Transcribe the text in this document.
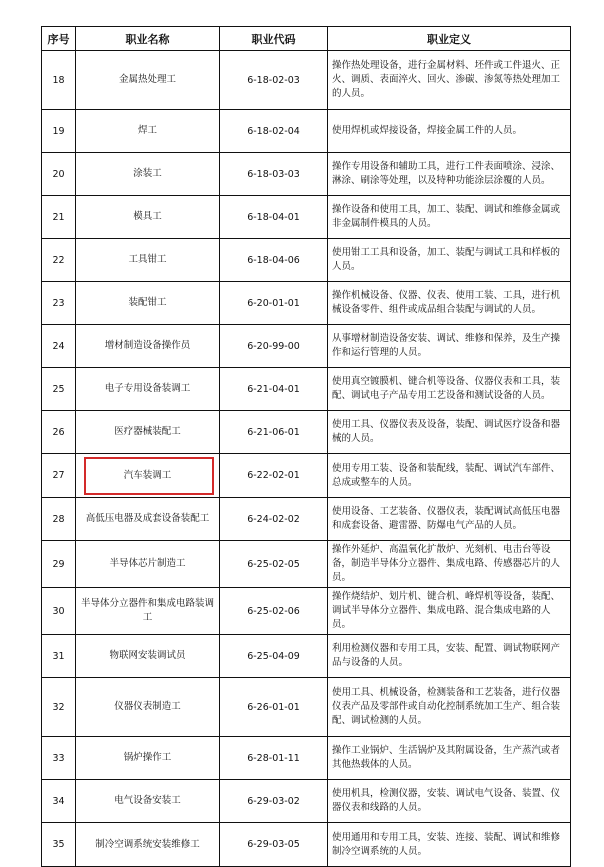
序号	职业名称	职业代码	职业定义
18	金属热处理工	6-18-02-03	操作热处理设备，进行金属材料、坯件或工件退火、正火、调质、表面淬火、回火、渗碳、渗氮等热处理加工的人员。
19	焊工	6-18-02-04	使用焊机或焊接设备，焊接金属工件的人员。
20	涂装工	6-18-03-03	操作专用设备和辅助工具，进行工件表面喷涂、浸涂、淋涂、刷涂等处理，以及特种功能涂层涂覆的人员。
21	模具工	6-18-04-01	操作设备和使用工具，加工、装配、调试和维修金属或非金属制件模具的人员。
22	工具钳工	6-18-04-06	使用钳工工具和设备，加工、装配与调试工具和样板的人员。
23	装配钳工	6-20-01-01	操作机械设备、仪器、仪表、使用工装、工具，进行机械设备零件、组件或成品组合装配与调试的人员。
24	增材制造设备操作员	6-20-99-00	从事增材制造设备安装、调试、维修和保养，及生产操作和运行管理的人员。
25	电子专用设备装调工	6-21-04-01	使用真空镀膜机、键合机等设备、仪器仪表和工具，装配、调试电子产品专用工艺设备和测试设备的人员。
26	医疗器械装配工	6-21-06-01	使用工具、仪器仪表及设备，装配、调试医疗设备和器械的人员。
27	汽车装调工	6-22-02-01	使用专用工装、设备和装配线，装配、调试汽车部件、总成或整车的人员。
28	高低压电器及成套设备装配工	6-24-02-02	使用设备、工艺装备、仪器仪表，装配调试高低压电器和成套设备、避雷器、防爆电气产品的人员。
29	半导体芯片制造工	6-25-02-05	操作外延炉、高温氧化扩散炉、光刻机、电击台等设备，制造半导体分立器件、集成电路、传感器芯片的人员。
30	半导体分立器件和集成电路装调工	6-25-02-06	操作烧结炉、划片机、键合机、峰焊机等设备，装配、调试半导体分立器件、集成电路、混合集成电路的人员。
31	物联网安装调试员	6-25-04-09	利用检测仪器和专用工具，安装、配置、调试物联网产品与设备的人员。
32	仪器仪表制造工	6-26-01-01	使用工具、机械设备，检测装备和工艺装备，进行仪器仪表产品及零部件或自动化控制系统加工生产、组合装配、调试检测的人员。
33	锅炉操作工	6-28-01-11	操作工业锅炉、生活锅炉及其附属设备，生产蒸汽或者其他热载体的人员。
34	电气设备安装工	6-29-03-02	使用机具，检测仪器，安装、调试电气设备、装置、仪器仪表和线路的人员。
35	制冷空调系统安装维修工	6-29-03-05	使用通用和专用工具，安装、连接、装配、调试和维修制冷空调系统的人员。
